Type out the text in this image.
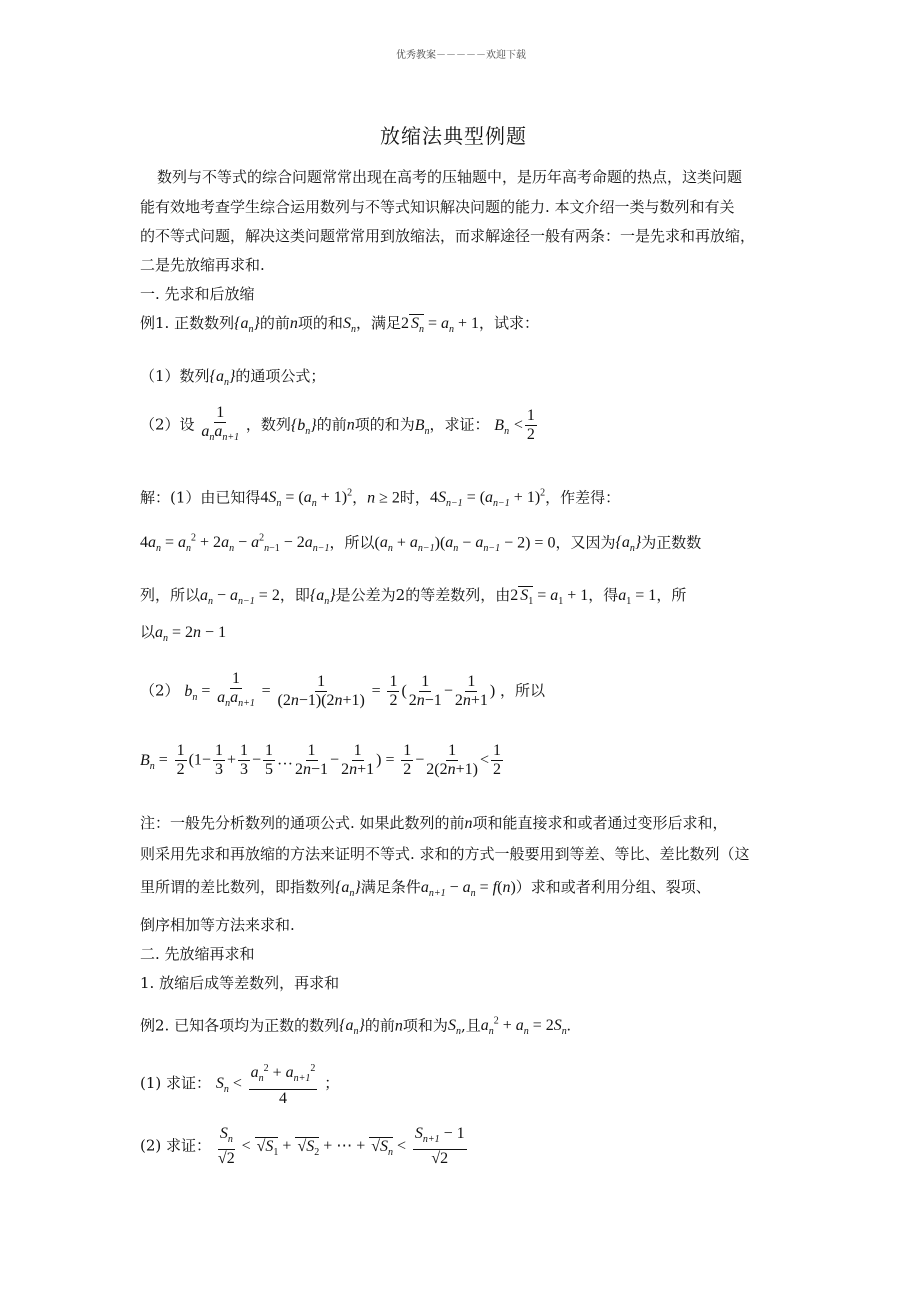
优秀教案－－－－－欢迎下载
放缩法典型例题
数列与不等式的综合问题常常出现在高考的压轴题中，是历年高考命题的热点，这类问题
能有效地考查学生综合运用数列与不等式知识解决问题的能力. 本文介绍一类与数列和有关
的不等式问题，解决这类问题常常用到放缩法，而求解途径一般有两条：一是先求和再放缩，
二是先放缩再求和.
一. 先求和后放缩
例1. 正数数列$\{a_n\}$的前n项的和$S_n$，满足2 $S_n = a_n + 1$，试求：
（1）数列$\{a_n\}$的通项公式；
（2）设 $\frac{1}{a_na_{n+1}}$ ，数列$\{b_n\}$的前n项的和为$B_n$，求证： $B_n < \frac{1}{2}$
解：(1）由已知得$4S_n = (a_n + 1)^2$，n ≥ 2时，$4S_{n-1} = (a_{n-1} + 1)^2$，作差得：
$4a_n = a_n^2 + 2a_n - a^2_{n-1} - 2a_{n-1}$，所以$(a_n + a_{n-1})(a_n - a_{n-1} - 2) = 0$，又因为$\{a_n\}$为正数数
列，所以$a_n - a_{n-1} = 2$，即$\{a_n\}$是公差为2的等差数列，由2 $S_1 = a_1 + 1$，得$a_1 = 1$，所
以$a_n = 2n - 1$
（2） $b_n = \frac{1}{a_na_{n+1}} = \frac{1}{(2n-1)(2n+1)} = \frac{1}{2}$ ( $\frac{1}{2n-1} - \frac{1}{2n+1}$ ) ，所以
$B_n = \frac{1}{2} (1- \frac{1}{3} + \frac{1}{3} - \frac{1}{5}$ … $\frac{1}{2n-1} - \frac{1}{2n+1}$ ) = $\frac{1}{2} - \frac{1}{2(2n+1)} < \frac{1}{2}$
注：一般先分析数列的通项公式. 如果此数列的前n项和能直接求和或者通过变形后求和，
则采用先求和再放缩的方法来证明不等式. 求和的方式一般要用到等差、等比、差比数列（这
里所谓的差比数列，即指数列$\{a_n\}$满足条件$a_{n+1} - a_n = f(n)$）求和或者利用分组、裂项、
倒序相加等方法来求和.
二. 先放缩再求和
1. 放缩后成等差数列，再求和
例2. 已知各项均为正数的数列$\{a_n\}$的前n项和为$S_n$,且$a_n^2 + a_n = 2S_n$.
(1) 求证： $S_n < \frac{a_n^2 + a_{n+1}^2}{4}$ ；
(2) 求证： $\frac{S_n}{√2} < √S_1 + √S_2$ + ⋯ + $√S_n < \frac{S_{n+1} - 1}{√2}$
